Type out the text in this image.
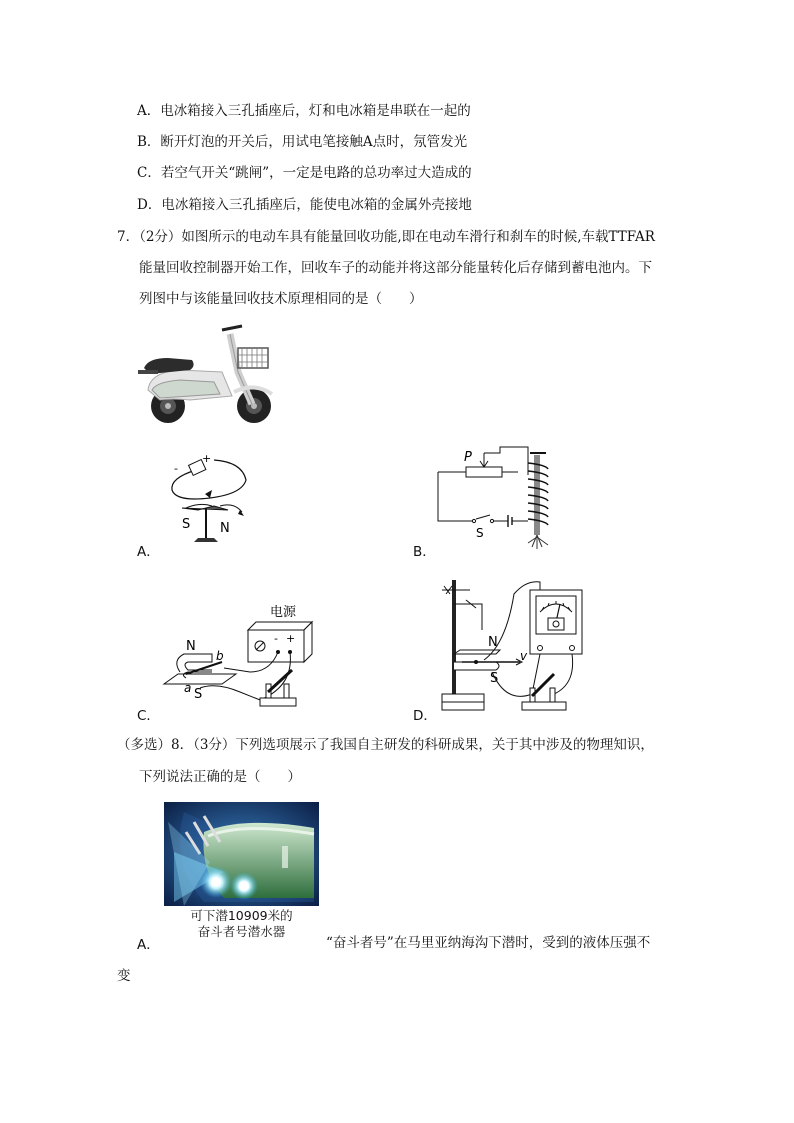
A．电冰箱接入三孔插座后，灯和电冰箱是串联在一起的
B．断开灯泡的开关后，用试电笔接触A点时，氖管发光
C．若空气开关“跳闸”，一定是电路的总功率过大造成的
D．电冰箱接入三孔插座后，能使电冰箱的金属外壳接地
7．（2分）如图所示的电动车具有能量回收功能,即在电动车滑行和刹车的时候,车载TTFAR
能量回收控制器开始工作，回收车子的动能并将这部分能量转化后存储到蓄电池内。下
列图中与该能量回收技术原理相同的是（　　）
-
+
S N
A．
P
S
B．
电源
- +
N
S
a
b
C．
N
S
v
D．
（多选）8．（3分）下列选项展示了我国自主研发的科研成果，关于其中涉及的物理知识，
下列说法正确的是（　　）
可下潜10909米的
奋斗者号潜水器
A．	“奋斗者号”在马里亚纳海沟下潜时，受到的液体压强不
变
